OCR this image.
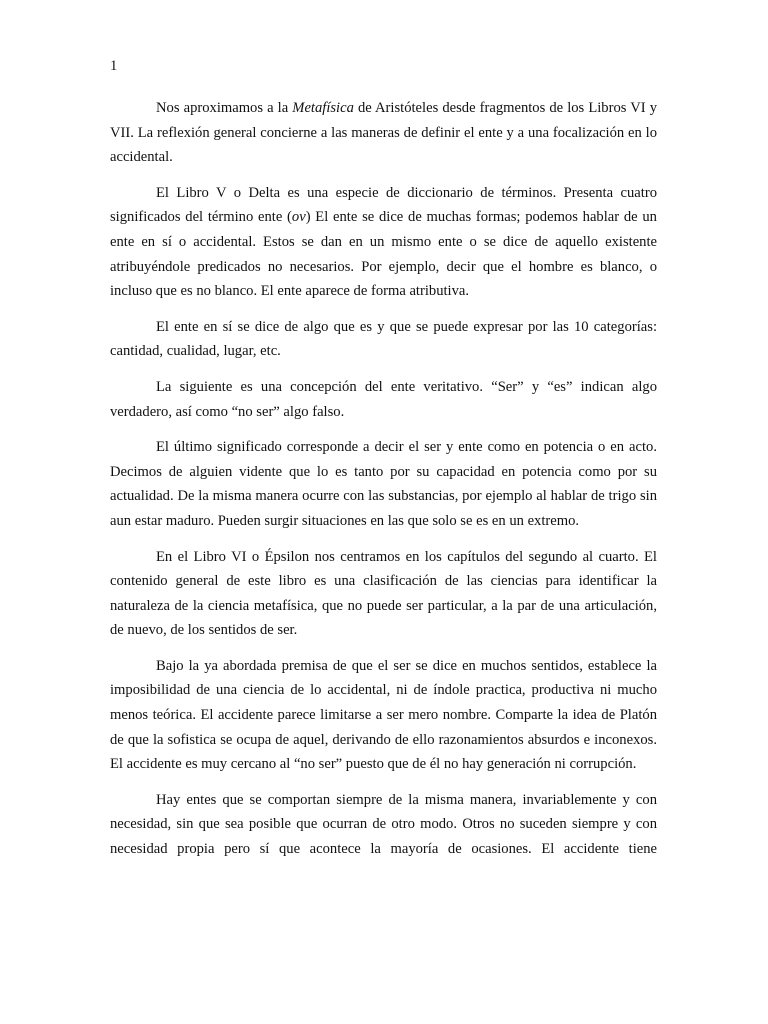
1

Nos aproximamos a la Metafísica de Aristóteles desde fragmentos de los Libros VI y VII. La reflexión general concierne a las maneras de definir el ente y a una focalización en lo accidental.

El Libro V o Delta es una especie de diccionario de términos. Presenta cuatro significados del término ente (ov) El ente se dice de muchas formas; podemos hablar de un ente en sí o accidental. Estos se dan en un mismo ente o se dice de aquello existente atribuyéndole predicados no necesarios. Por ejemplo, decir que el hombre es blanco, o incluso que es no blanco. El ente aparece de forma atributiva.

El ente en sí se dice de algo que es y que se puede expresar por las 10 categorías: cantidad, cualidad, lugar, etc.

La siguiente es una concepción del ente veritativo. “Ser” y “es” indican algo verdadero, así como “no ser” algo falso.

El último significado corresponde a decir el ser y ente como en potencia o en acto. Decimos de alguien vidente que lo es tanto por su capacidad en potencia como por su actualidad. De la misma manera ocurre con las substancias, por ejemplo al hablar de trigo sin aun estar maduro. Pueden surgir situaciones en las que solo se es en un extremo.

En el Libro VI o Épsilon nos centramos en los capítulos del segundo al cuarto. El contenido general de este libro es una clasificación de las ciencias para identificar la naturaleza de la ciencia metafísica, que no puede ser particular, a la par de una articulación, de nuevo, de los sentidos de ser.

Bajo la ya abordada premisa de que el ser se dice en muchos sentidos, establece la imposibilidad de una ciencia de lo accidental, ni de índole practica, productiva ni mucho menos teórica. El accidente parece limitarse a ser mero nombre. Comparte la idea de Platón de que la sofistica se ocupa de aquel, derivando de ello razonamientos absurdos e inconexos. El accidente es muy cercano al “no ser” puesto que de él no hay generación ni corrupción.

Hay entes que se comportan siempre de la misma manera, invariablemente y con necesidad, sin que sea posible que ocurran de otro modo. Otros no suceden siempre y con necesidad propia pero sí que acontece la mayoría de ocasiones. El accidente tiene
